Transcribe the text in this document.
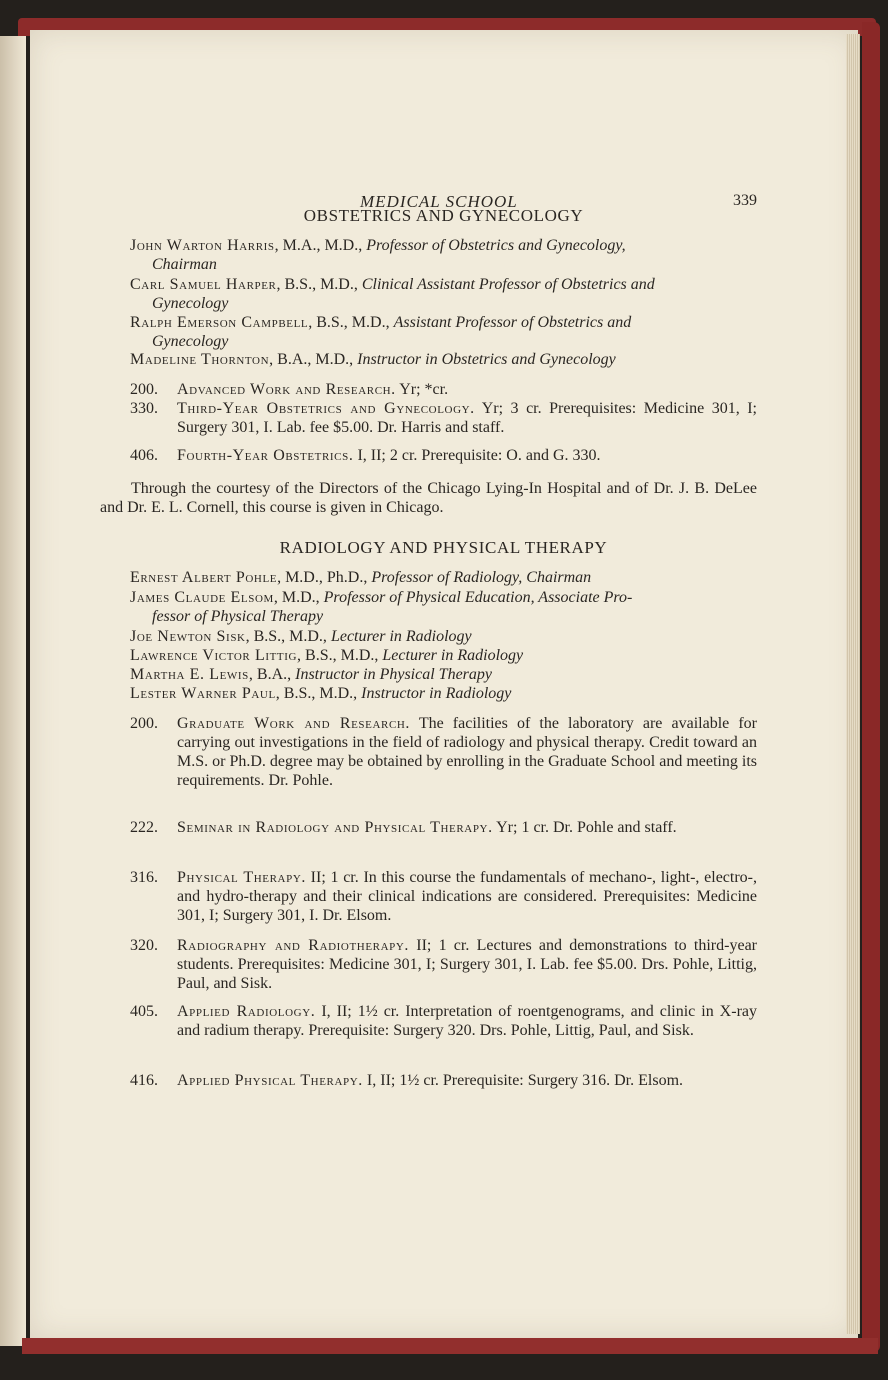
MEDICAL SCHOOL	339
OBSTETRICS AND GYNECOLOGY
John Warton Harris, M.A., M.D., Professor of Obstetrics and Gynecology,
Chairman
Carl Samuel Harper, B.S., M.D., Clinical Assistant Professor of Obstetrics and
Gynecology
Ralph Emerson Campbell, B.S., M.D., Assistant Professor of Obstetrics and
Gynecology
Madeline Thornton, B.A., M.D., Instructor in Obstetrics and Gynecology
200.	Advanced Work and Research. Yr; *cr.
330.	Third-Year Obstetrics and Gynecology. Yr; 3 cr. Prerequisites: Medicine 301, I; Surgery 301, I. Lab. fee $5.00. Dr. Harris and staff.
406.	Fourth-Year Obstetrics. I, II; 2 cr. Prerequisite: O. and G. 330.
Through the courtesy of the Directors of the Chicago Lying-In Hospital and of Dr. J. B. DeLee and Dr. E. L. Cornell, this course is given in Chicago.
RADIOLOGY AND PHYSICAL THERAPY
Ernest Albert Pohle, M.D., Ph.D., Professor of Radiology, Chairman
James Claude Elsom, M.D., Professor of Physical Education, Associate Pro-
fessor of Physical Therapy
Joe Newton Sisk, B.S., M.D., Lecturer in Radiology
Lawrence Victor Littig, B.S., M.D., Lecturer in Radiology
Martha E. Lewis, B.A., Instructor in Physical Therapy
Lester Warner Paul, B.S., M.D., Instructor in Radiology
200.	Graduate Work and Research. The facilities of the laboratory are available for carrying out investigations in the field of radiology and physical therapy. Credit toward an M.S. or Ph.D. degree may be obtained by enrolling in the Graduate School and meeting its requirements. Dr. Pohle.
222.	Seminar in Radiology and Physical Therapy. Yr; 1 cr. Dr. Pohle and staff.
316.	Physical Therapy. II; 1 cr. In this course the fundamentals of mechano-, light-, electro-, and hydro-therapy and their clinical indications are considered. Prerequisites: Medicine 301, I; Surgery 301, I. Dr. Elsom.
320.	Radiography and Radiotherapy. II; 1 cr. Lectures and demonstrations to third-year students. Prerequisites: Medicine 301, I; Surgery 301, I. Lab. fee $5.00. Drs. Pohle, Littig, Paul, and Sisk.
405.	Applied Radiology. I, II; 1½ cr. Interpretation of roentgenograms, and clinic in X-ray and radium therapy. Prerequisite: Surgery 320. Drs. Pohle, Littig, Paul, and Sisk.
416.	Applied Physical Therapy. I, II; 1½ cr. Prerequisite: Surgery 316. Dr. Elsom.
